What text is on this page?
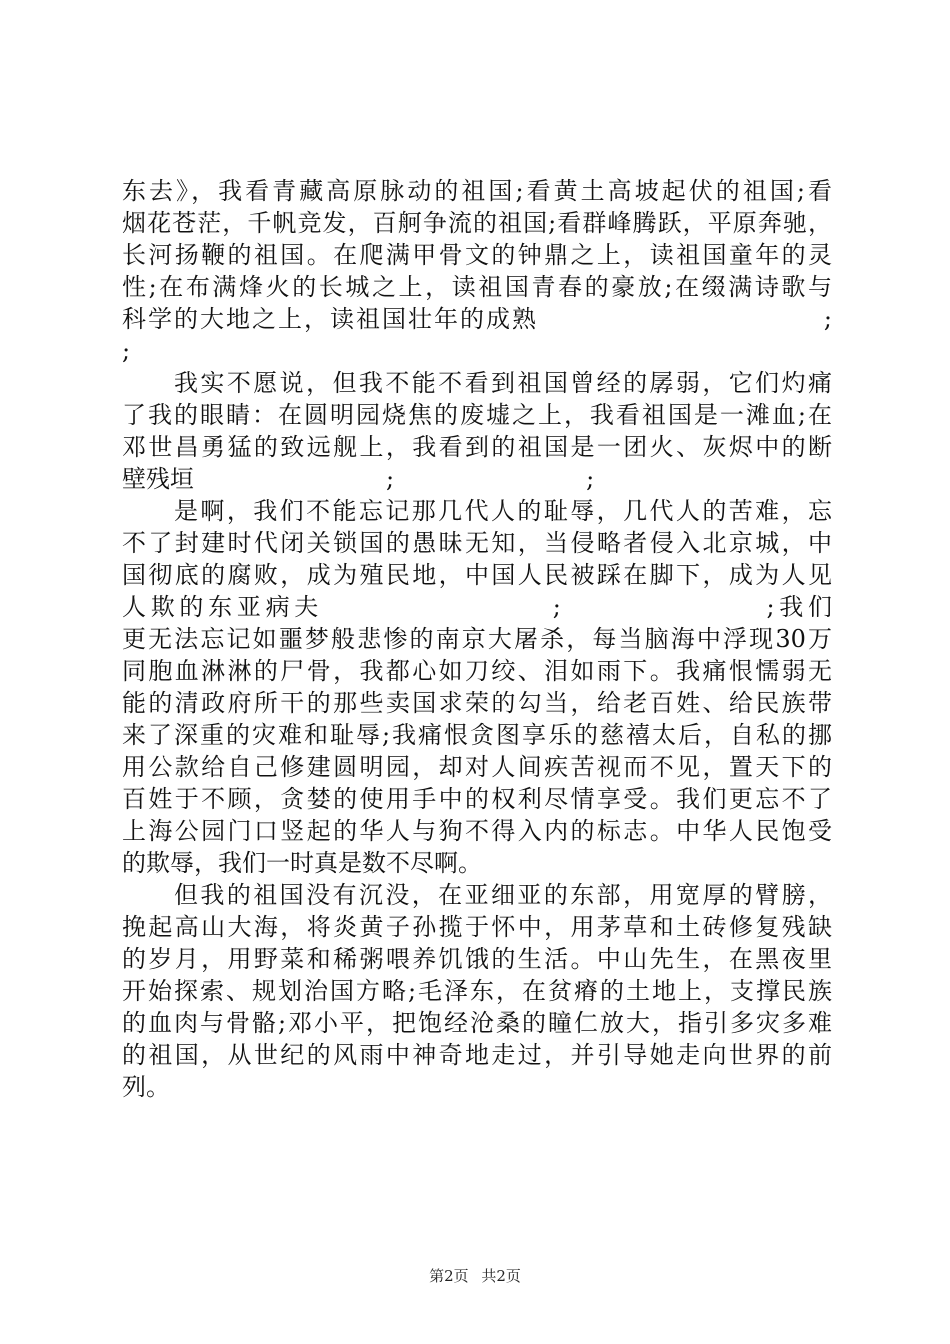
东去》，我看青藏高原脉动的祖国;看黄土高坡起伏的祖国;看
烟花苍茫，千帆竞发，百舸争流的祖国;看群峰腾跃，平原奔驰，
长河扬鞭的祖国。在爬满甲骨文的钟鼎之上，读祖国童年的灵
性;在布满烽火的长城之上，读祖国青春的豪放;在缀满诗歌与
科学的大地之上，读祖国壮年的成熟　　　　　　　　　　　;
;
我实不愿说，但我不能不看到祖国曾经的孱弱，它们灼痛
了我的眼睛：在圆明园烧焦的废墟之上，我看祖国是一滩血;在
邓世昌勇猛的致远舰上，我看到的祖国是一团火、灰烬中的断
壁残垣　　　　　　　　;　　　　　　　　;
是啊，我们不能忘记那几代人的耻辱，几代人的苦难，忘
不了封建时代闭关锁国的愚昧无知，当侵略者侵入北京城，中
国彻底的腐败，成为殖民地，中国人民被踩在脚下，成为人见
人欺的东亚病夫　　　　　　　　;　　　　　　　;我们
更无法忘记如噩梦般悲惨的南京大屠杀，每当脑海中浮现30万
同胞血淋淋的尸骨，我都心如刀绞、泪如雨下。我痛恨懦弱无
能的清政府所干的那些卖国求荣的勾当，给老百姓、给民族带
来了深重的灾难和耻辱;我痛恨贪图享乐的慈禧太后，自私的挪
用公款给自己修建圆明园，却对人间疾苦视而不见，置天下的
百姓于不顾，贪婪的使用手中的权利尽情享受。我们更忘不了
上海公园门口竖起的华人与狗不得入内的标志。中华人民饱受
的欺辱，我们一时真是数不尽啊。
但我的祖国没有沉没，在亚细亚的东部，用宽厚的臂膀，
挽起高山大海，将炎黄子孙揽于怀中，用茅草和土砖修复残缺
的岁月，用野菜和稀粥喂养饥饿的生活。中山先生，在黑夜里
开始探索、规划治国方略;毛泽东，在贫瘠的土地上，支撑民族
的血肉与骨骼;邓小平，把饱经沧桑的瞳仁放大，指引多灾多难
的祖国，从世纪的风雨中神奇地走过，并引导她走向世界的前
列。
第2页 共2页
